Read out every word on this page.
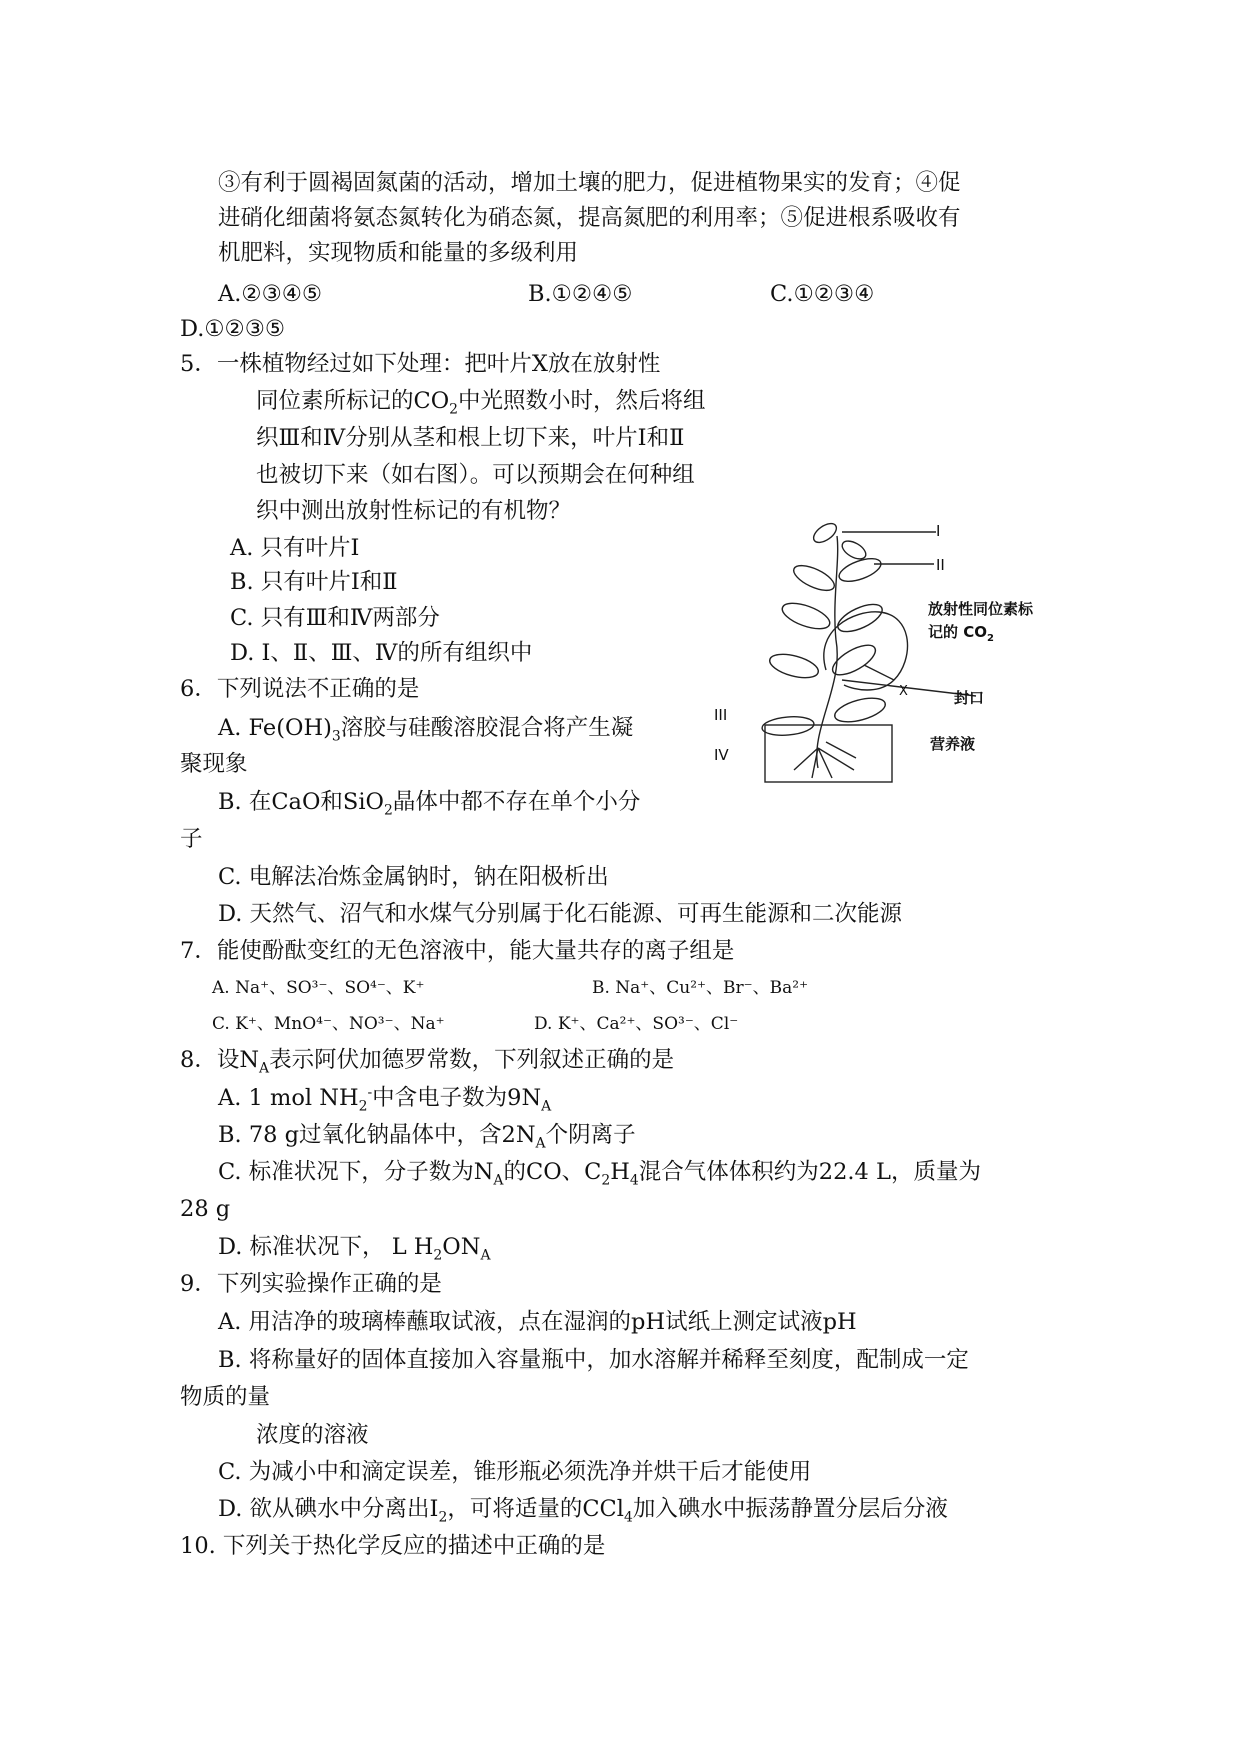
③有利于圆褐固氮菌的活动，增加土壤的肥力，促进植物果实的发育；④促
进硝化细菌将氨态氮转化为硝态氮，提高氮肥的利用率；⑤促进根系吸收有
机肥料，实现物质和能量的多级利用
A.②③④⑤	B.①②④⑤	C.①②③④
D.①②③⑤
5．一株植物经过如下处理：把叶片X放在放射性
同位素所标记的$CO_2$中光照数小时，然后将组
织Ⅲ和Ⅳ分别从茎和根上切下来，叶片Ⅰ和Ⅱ
也被切下来（如右图）。可以预期会在何种组
织中测出放射性标记的有机物？
A. 只有叶片Ⅰ
B. 只有叶片Ⅰ和Ⅱ
C. 只有Ⅲ和Ⅳ两部分
D. Ⅰ、Ⅱ、Ⅲ、Ⅳ的所有组织中
6．下列说法不正确的是
A. $Fe(OH)_3$溶胶与硅酸溶胶混合将产生凝
聚现象
B. 在CaO和SiO$_2$晶体中都不存在单个小分
子
C. 电解法冶炼金属钠时，钠在阳极析出
D. 天然气、沼气和水煤气分别属于化石能源、可再生能源和二次能源
7．能使酚酞变红的无色溶液中，能大量共存的离子组是
A. Na⁺、SO³⁻、SO⁴⁻、K⁺	B. Na⁺、Cu²⁺、Br⁻、Ba²⁺
C. K⁺、MnO⁴⁻、NO³⁻、Na⁺	D. K⁺、Ca²⁺、SO³⁻、Cl⁻
8．设$N_A$表示阿伏加德罗常数，下列叙述正确的是
A. 1 mol $NH_2^-$中含电子数为$9N_A$
B. 78 g过氧化钠晶体中，含$2N_A$个阴离子
C. 标准状况下，分子数为$N_A$的CO、$C_2H_4$混合气体体积约为22.4 L，质量为
28 g
D. 标准状况下， L $H_2ON_A$
9．下列实验操作正确的是
A. 用洁净的玻璃棒蘸取试液，点在湿润的pH试纸上测定试液pH
B. 将称量好的固体直接加入容量瓶中，加水溶解并稀释至刻度，配制成一定
物质的量
浓度的溶液
C. 为减小中和滴定误差，锥形瓶必须洗净并烘干后才能使用
D. 欲从碘水中分离出$I_2$，可将适量的CCl$_4$加入碘水中振荡静置分层后分液
10. 下列关于热化学反应的描述中正确的是
I
II
X
III
IV
放射性同位素标
记的 $CO_2$
封口
营养液
